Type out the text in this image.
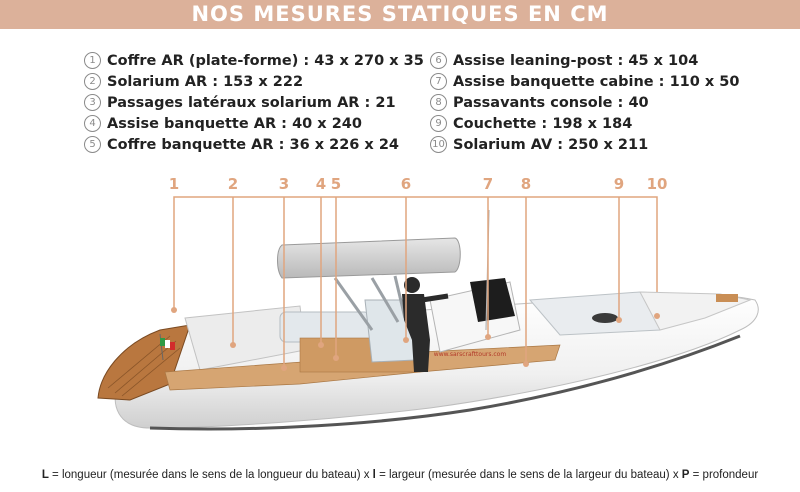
NOS MESURES STATIQUES EN CM
1 Coffre AR (plate-forme) :
43 x 270 x 35
2 Solarium AR :
153 x 222
3 Passages latéraux solarium AR :
21
4 Assise banquette AR :
40 x 240
5 Coffre banquette AR :
36 x 226 x 24
6 Assise leaning-post :
45 x 104
7 Assise banquette cabine :
110 x 50
8 Passavants console :
40
9 Couchette :
198 x 184
10 Solarium AV :
250 x 211
1	2	3 4 5	6	7 8	9 10
www.sarscrafttours.com
L = longueur (mesurée dans le sens de la longueur du bateau) x l = largeur (mesurée dans le sens de la largeur du bateau) x P = profondeur
